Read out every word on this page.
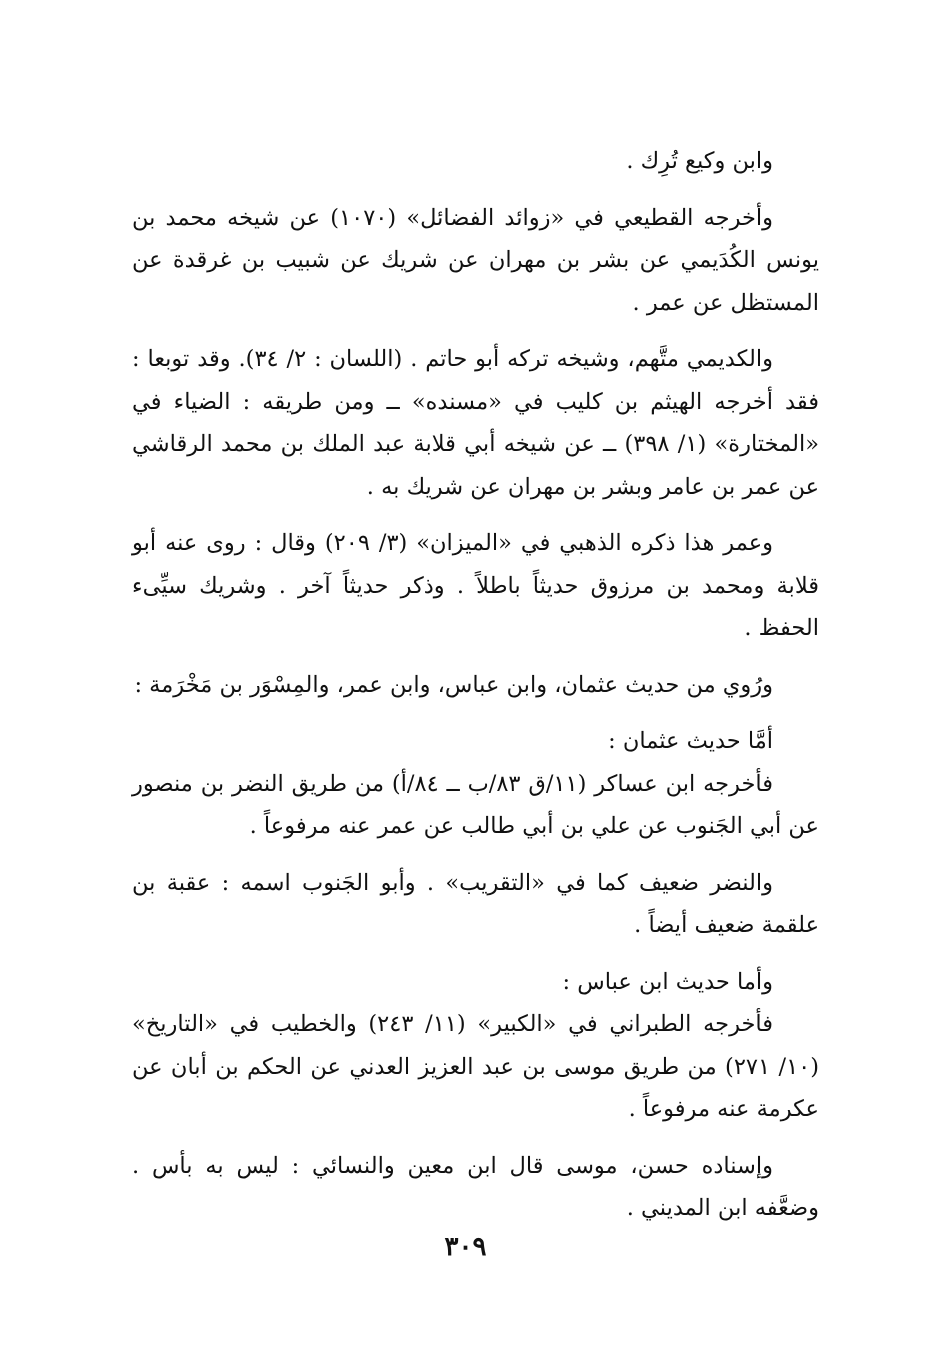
وابن وكيع تُرِك .

وأخرجه القطيعي في «زوائد الفضائل» (١٠٧٠) عن شيخه محمد بن يونس الكُدَيمي عن بشر بن مهران عن شريك عن شبيب بن غرقدة عن المستظل عن عمر .

والكديمي متَّهم، وشيخه تركه أبو حاتم . (اللسان : ٢/ ٣٤). وقد توبعا : فقد أخرجه الهيثم بن كليب في «مسنده» ــ ومن طريقه : الضياء في «المختارة» (١/ ٣٩٨) ــ عن شيخه أبي قلابة عبد الملك بن محمد الرقاشي عن عمر بن عامر وبشر بن مهران عن شريك به .

وعمر هذا ذكره الذهبي في «الميزان» (٣/ ٢٠٩) وقال : روى عنه أبو قلابة ومحمد بن مرزوق حديثاً باطلاً . وذكر حديثاً آخر . وشريك سيِّىء الحفظ .

ورُوي من حديث عثمان، وابن عباس، وابن عمر، والمِسْوَر بن مَخْرَمة :

أمَّا حديث عثمان :

فأخرجه ابن عساكر (١١/ق ٨٣/ب ــ ٨٤/أ) من طريق النضر بن منصور عن أبي الجَنوب عن علي بن أبي طالب عن عمر عنه مرفوعاً .

والنضر ضعيف كما في «التقريب» . وأبو الجَنوب اسمه : عقبة بن علقمة ضعيف أيضاً .

وأما حديث ابن عباس :

فأخرجه الطبراني في «الكبير» (١١/ ٢٤٣) والخطيب في «التاريخ» (١٠/ ٢٧١) من طريق موسى بن عبد العزيز العدني عن الحكم بن أبان عن عكرمة عنه مرفوعاً .

وإسناده حسن، موسى قال ابن معين والنسائي : ليس به بأس . وضعَّفه ابن المديني .

٣٠٩
